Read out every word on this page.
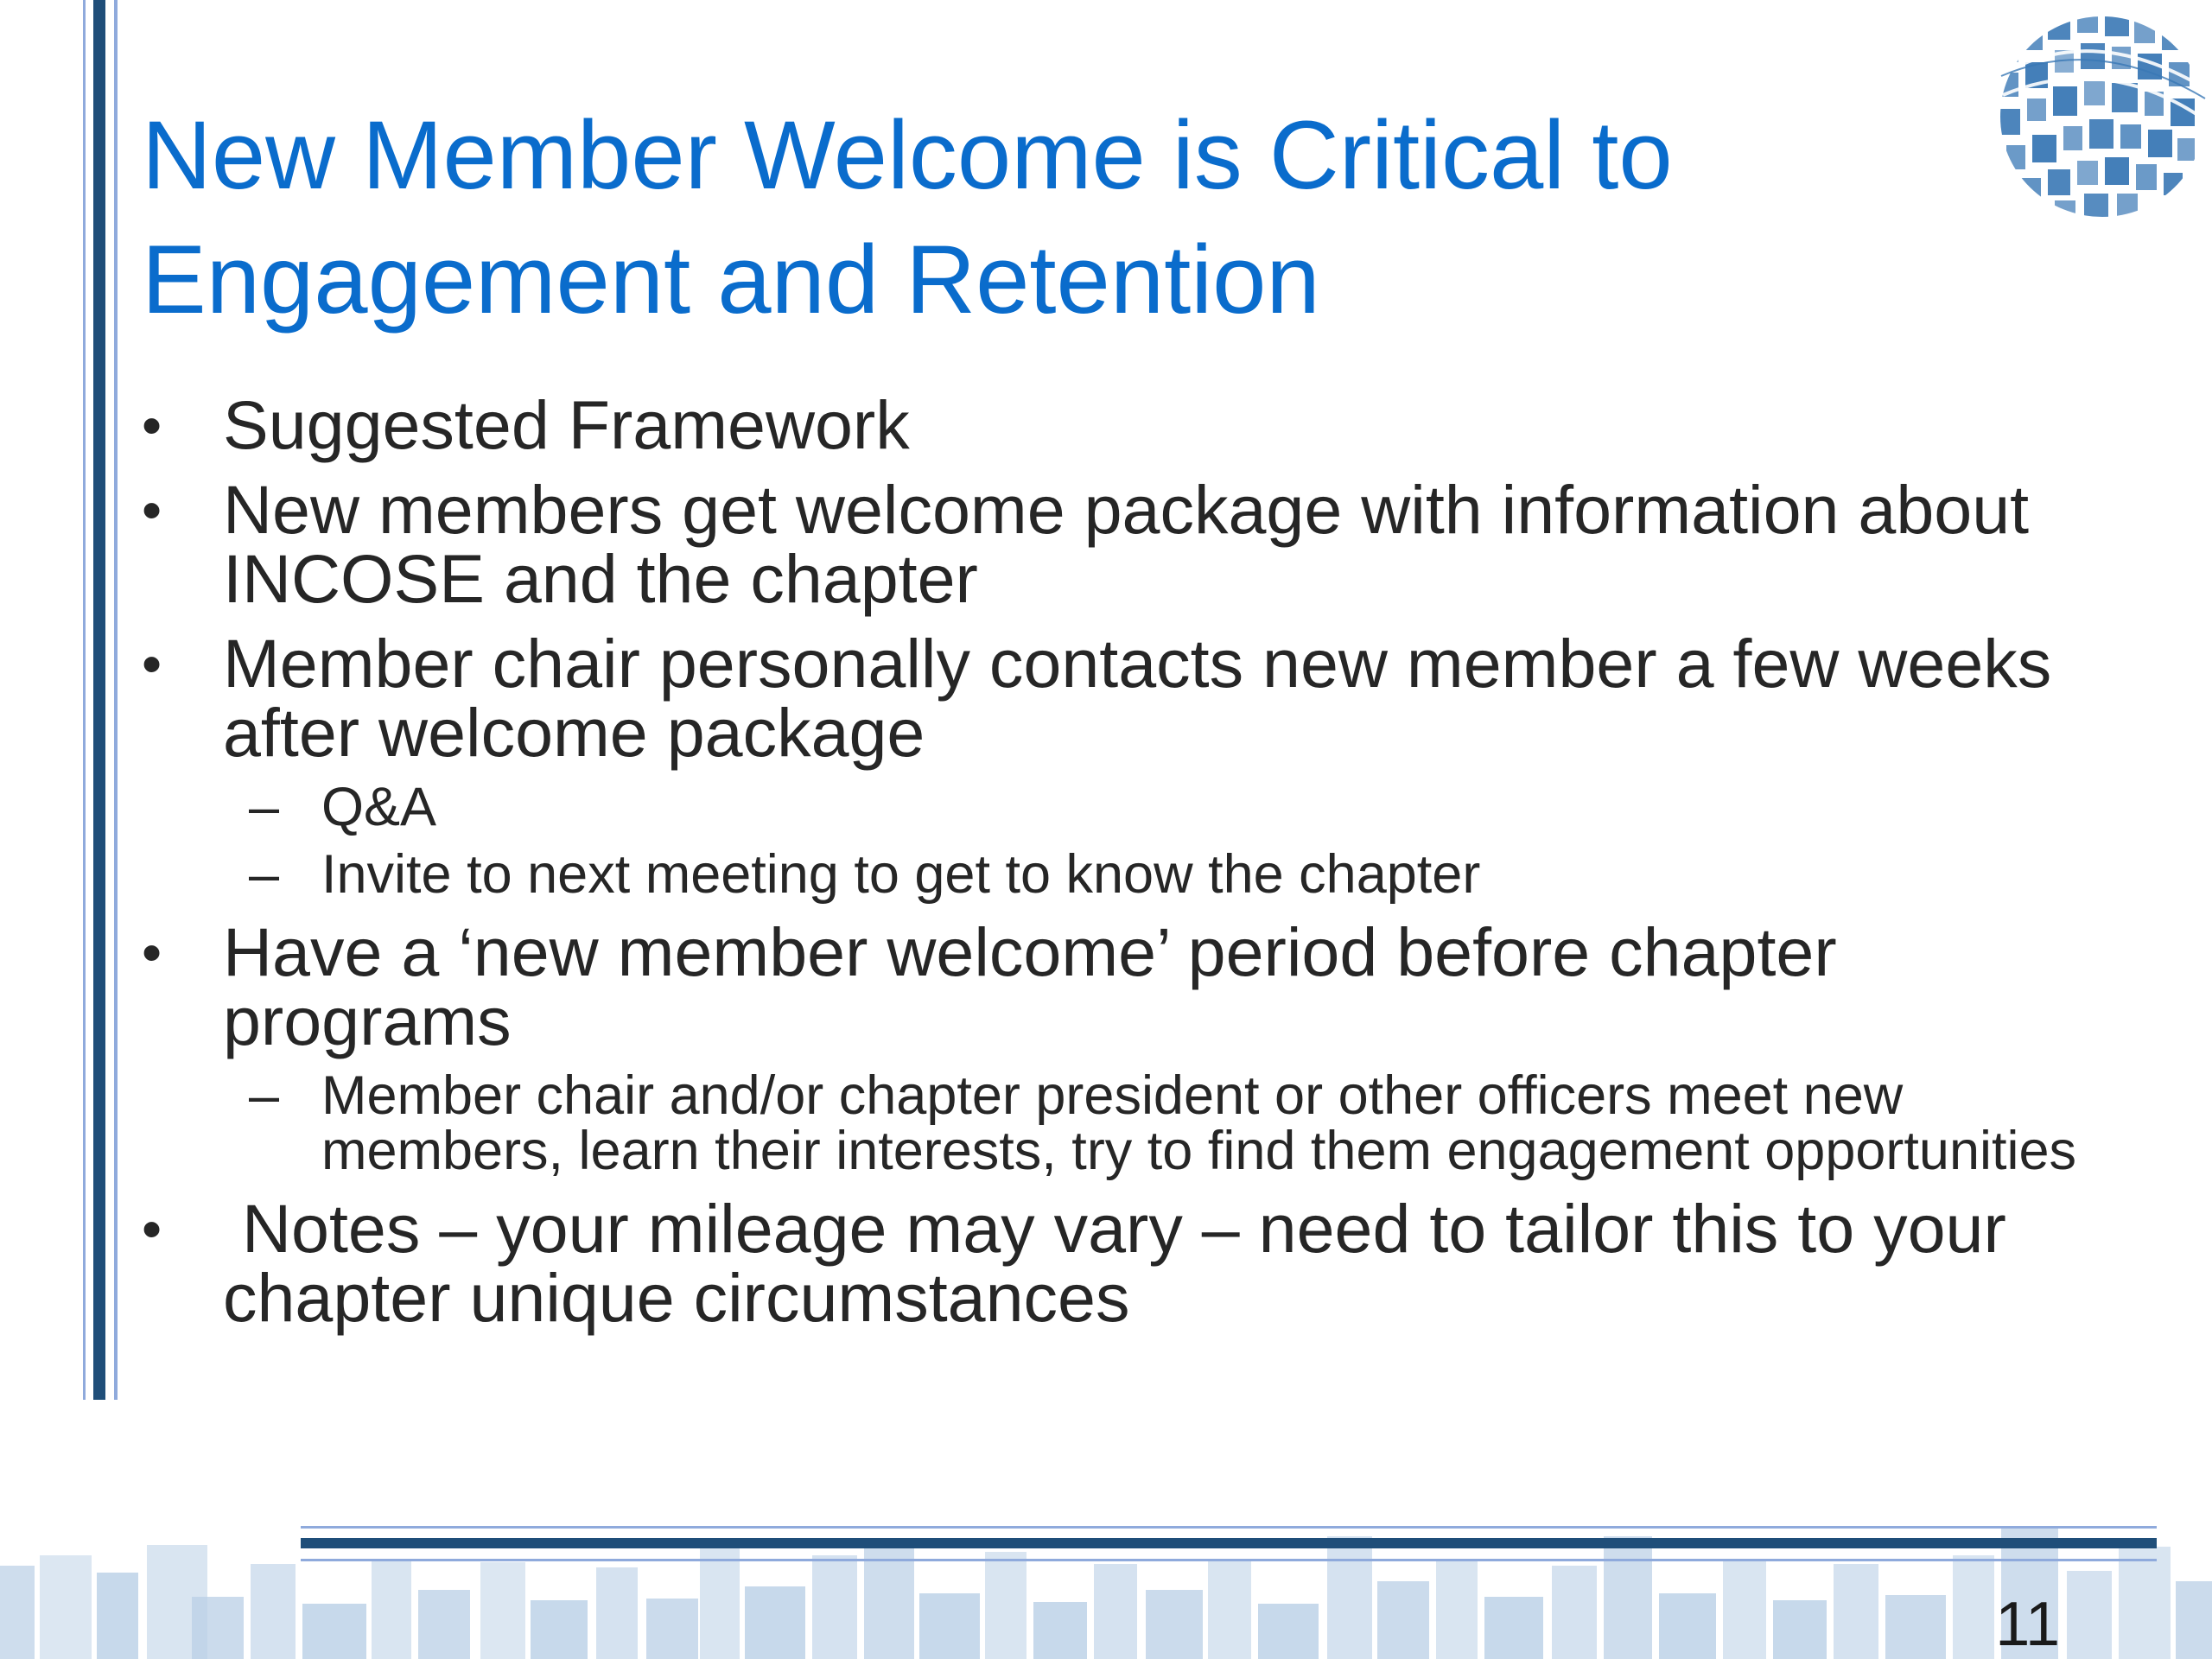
New Member Welcome is Critical to
Engagement and Retention
• Suggested Framework
• New members get welcome package with information about INCOSE and the chapter
• Member chair personally contacts new member a few weeks after welcome package
– Q&A
– Invite to next meeting to get to know the chapter
• Have a ‘new member welcome’ period before chapter programs
– Member chair and/or chapter president or other officers meet new members, learn their interests, try to find them engagement opportunities
• Notes – your mileage may vary – need to tailor this to your chapter unique circumstances
11
